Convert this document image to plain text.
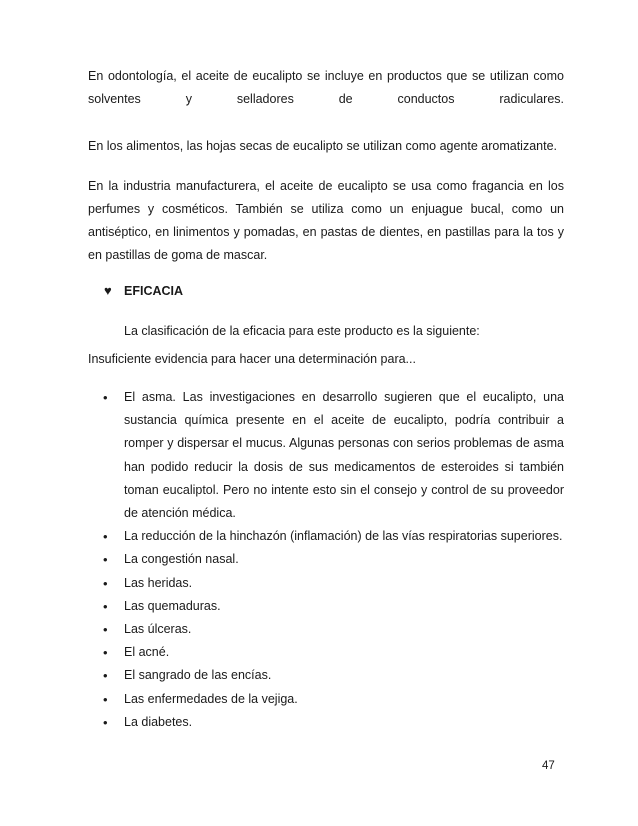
En odontología, el aceite de eucalipto se incluye en productos que se utilizan como solventes y selladores de conductos radiculares.

En los alimentos, las hojas secas de eucalipto se utilizan como agente aromatizante.

En la industria manufacturera, el aceite de eucalipto se usa como fragancia en los perfumes y cosméticos. También se utiliza como un enjuague bucal, como un antiséptico, en linimentos y pomadas, en pastas de dientes, en pastillas para la tos y en pastillas de goma de mascar.

♥ EFICACIA

La clasificación de la eficacia para este producto es la siguiente:

Insuficiente evidencia para hacer una determinación para...

• El asma. Las investigaciones en desarrollo sugieren que el eucalipto, una sustancia química presente en el aceite de eucalipto, podría contribuir a romper y dispersar el mucus. Algunas personas con serios problemas de asma han podido reducir la dosis de sus medicamentos de esteroides si también toman eucaliptol. Pero no intente esto sin el consejo y control de su proveedor de atención médica.
• La reducción de la hinchazón (inflamación) de las vías respiratorias superiores.
• La congestión nasal.
• Las heridas.
• Las quemaduras.
• Las úlceras.
• El acné.
• El sangrado de las encías.
• Las enfermedades de la vejiga.
• La diabetes.

47
